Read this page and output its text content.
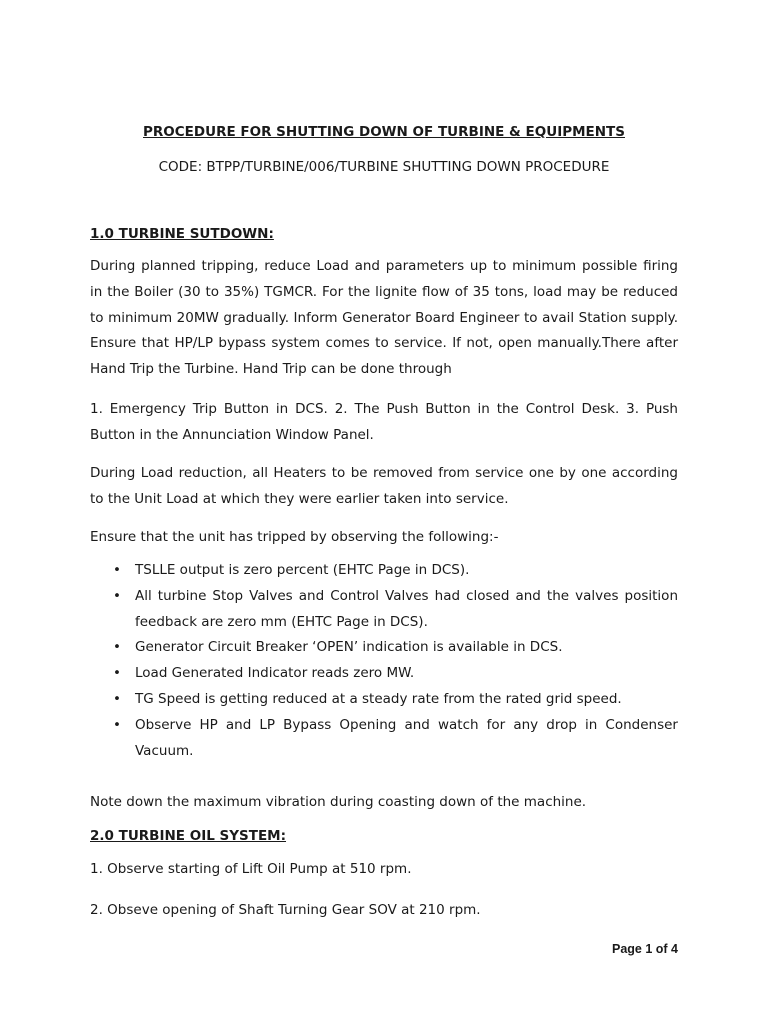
PROCEDURE FOR SHUTTING DOWN OF TURBINE & EQUIPMENTS
CODE: BTPP/TURBINE/006/TURBINE SHUTTING DOWN PROCEDURE
1.0 TURBINE SUTDOWN:

During planned tripping, reduce Load and parameters up to minimum possible firing in the Boiler (30 to 35%) TGMCR. For the lignite flow of 35 tons, load may be reduced to minimum 20MW gradually. Inform Generator Board Engineer to avail Station supply. Ensure that HP/LP bypass system comes to service. If not, open manually.There after Hand Trip the Turbine. Hand Trip can be done through

1. Emergency Trip Button in DCS. 2. The Push Button in the Control Desk. 3. Push Button in the Annunciation Window Panel.

During Load reduction, all Heaters to be removed from service one by one according to the Unit Load at which they were earlier taken into service.

Ensure that the unit has tripped by observing the following:-

• TSLLE output is zero percent (EHTC Page in DCS).
• All turbine Stop Valves and Control Valves had closed and the valves position feedback are zero mm (EHTC Page in DCS).
• Generator Circuit Breaker ‘OPEN’ indication is available in DCS.
• Load Generated Indicator reads zero MW.
• TG Speed is getting reduced at a steady rate from the rated grid speed.
• Observe HP and LP Bypass Opening and watch for any drop in Condenser Vacuum.

Note down the maximum vibration during coasting down of the machine.

2.0 TURBINE OIL SYSTEM:

1. Observe starting of Lift Oil Pump at 510 rpm.

2. Obseve opening of Shaft Turning Gear SOV at 210 rpm.

Page 1 of 4
